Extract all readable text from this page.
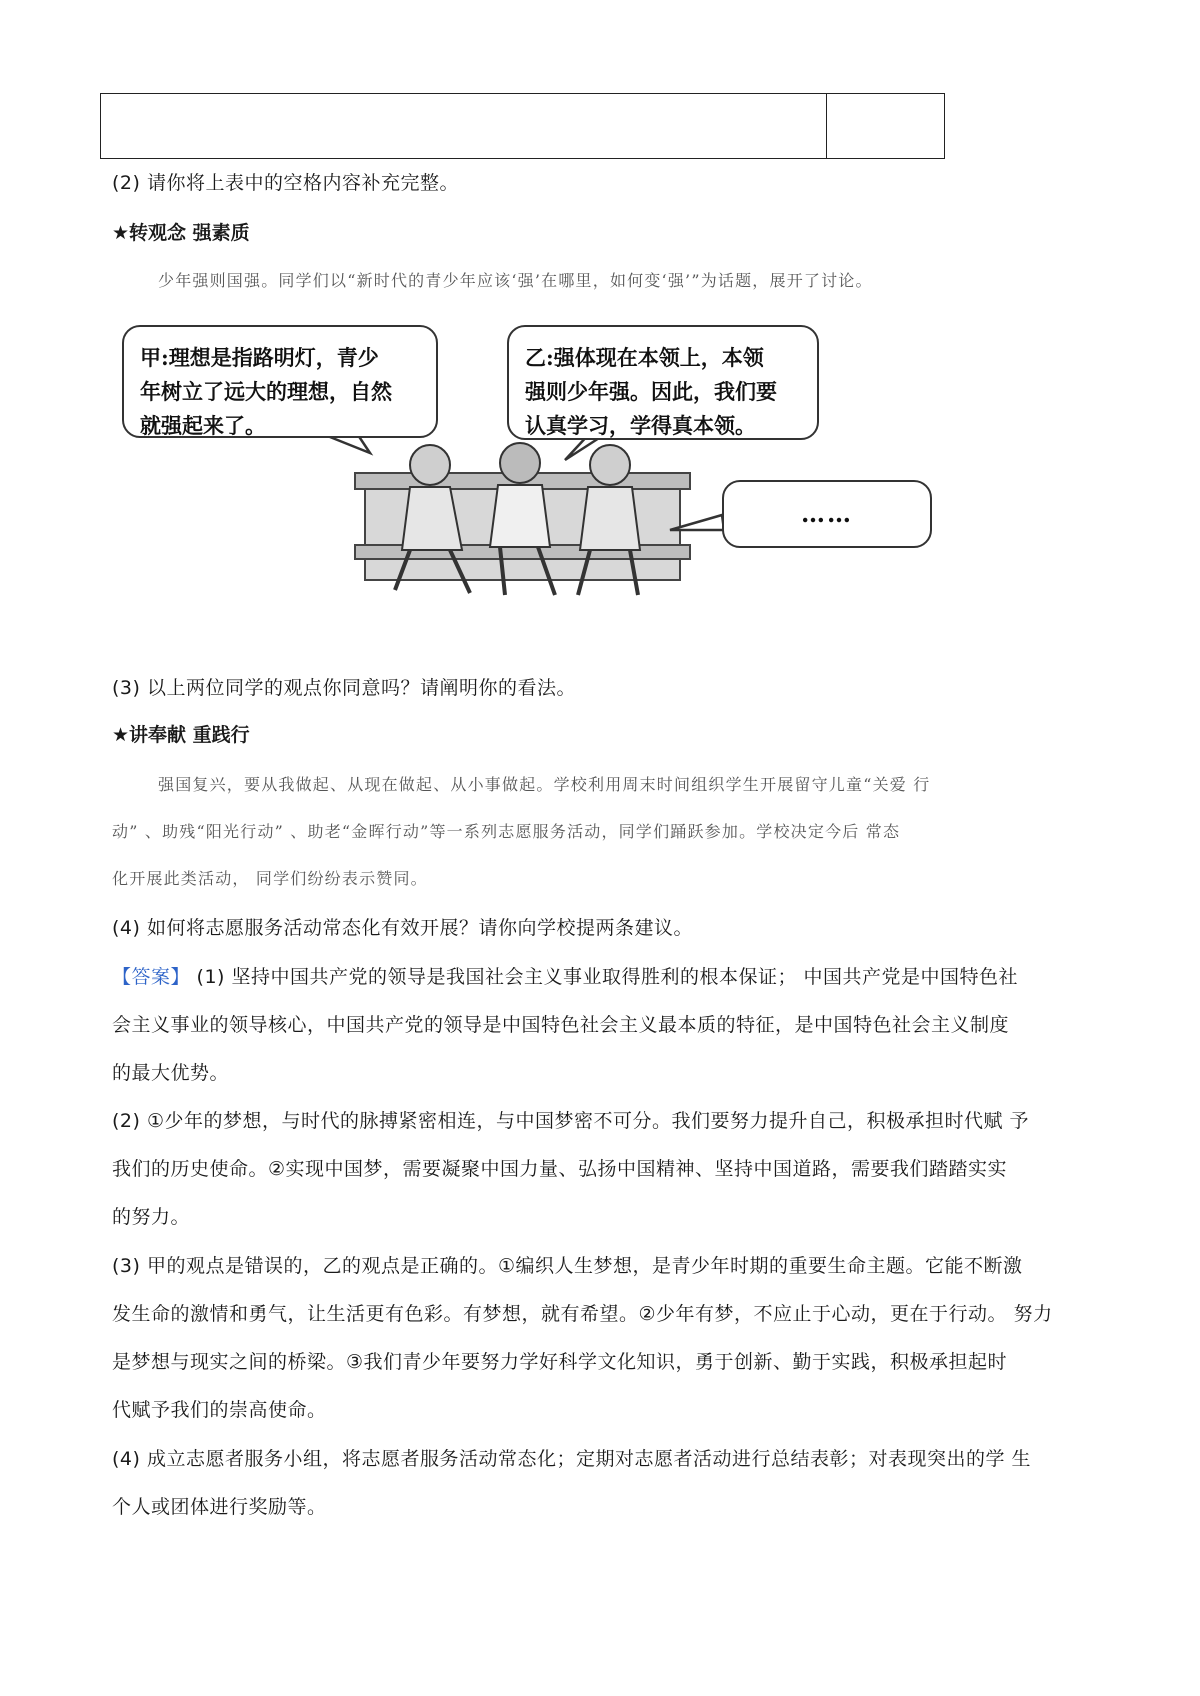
(2) 请你将上表中的空格内容补充完整。
★转观念 强素质
少年强则国强。同学们以“新时代的青少年应该‘强’在哪里，如何变‘强’”为话题，展开了讨论。
甲:理想是指路明灯，青少
年树立了远大的理想，自然
就强起来了。
乙:强体现在本领上，本领
强则少年强。因此，我们要
认真学习，学得真本领。
……
(3) 以上两位同学的观点你同意吗？请阐明你的看法。
★讲奉献 重践行
强国复兴，要从我做起、从现在做起、从小事做起。学校利用周末时间组织学生开展留守儿童“关爱 行
动” 、助残“阳光行动” 、助老“金晖行动”等一系列志愿服务活动，同学们踊跃参加。学校决定今后 常态
化开展此类活动， 同学们纷纷表示赞同。
(4) 如何将志愿服务活动常态化有效开展？请你向学校提两条建议。
【答案】 (1) 坚持中国共产党的领导是我国社会主义事业取得胜利的根本保证； 中国共产党是中国特色社
会主义事业的领导核心，中国共产党的领导是中国特色社会主义最本质的特征，是中国特色社会主义制度
的最大优势。
(2) ①少年的梦想，与时代的脉搏紧密相连，与中国梦密不可分。我们要努力提升自己，积极承担时代赋 予
我们的历史使命。②实现中国梦，需要凝聚中国力量、弘扬中国精神、坚持中国道路，需要我们踏踏实实
的努力。
(3) 甲的观点是错误的，乙的观点是正确的。①编织人生梦想，是青少年时期的重要生命主题。它能不断激
发生命的激情和勇气，让生活更有色彩。有梦想，就有希望。②少年有梦，不应止于心动，更在于行动。 努力
是梦想与现实之间的桥梁。③我们青少年要努力学好科学文化知识，勇于创新、勤于实践，积极承担起时
代赋予我们的崇高使命。
(4) 成立志愿者服务小组，将志愿者服务活动常态化；定期对志愿者活动进行总结表彰；对表现突出的学 生
个人或团体进行奖励等。
